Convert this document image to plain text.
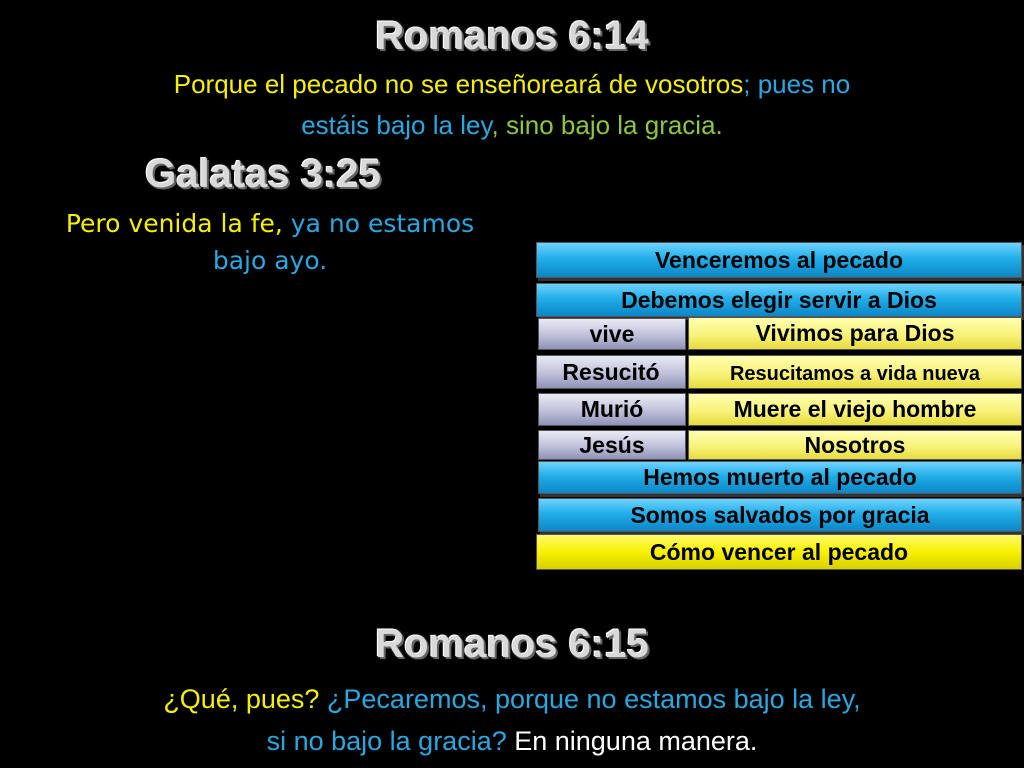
Romanos 6:14
Porque el pecado no se enseñoreará de vosotros; pues no
estáis bajo la ley, sino bajo la gracia.
Galatas 3:25
Pero venida la fe, ya no estamos
bajo ayo.	Venceremos al pecado
Debemos elegir servir a Dios
vive	Vivimos para Dios
Resucitó	Resucitamos a vida nueva
Murió	Muere el viejo hombre
Jesús	Nosotros
Hemos muerto al pecado
Somos salvados por gracia
Cómo vencer al pecado
Romanos 6:15
¿Qué, pues? ¿Pecaremos, porque no estamos bajo la ley,
si no bajo la gracia? En ninguna manera.
